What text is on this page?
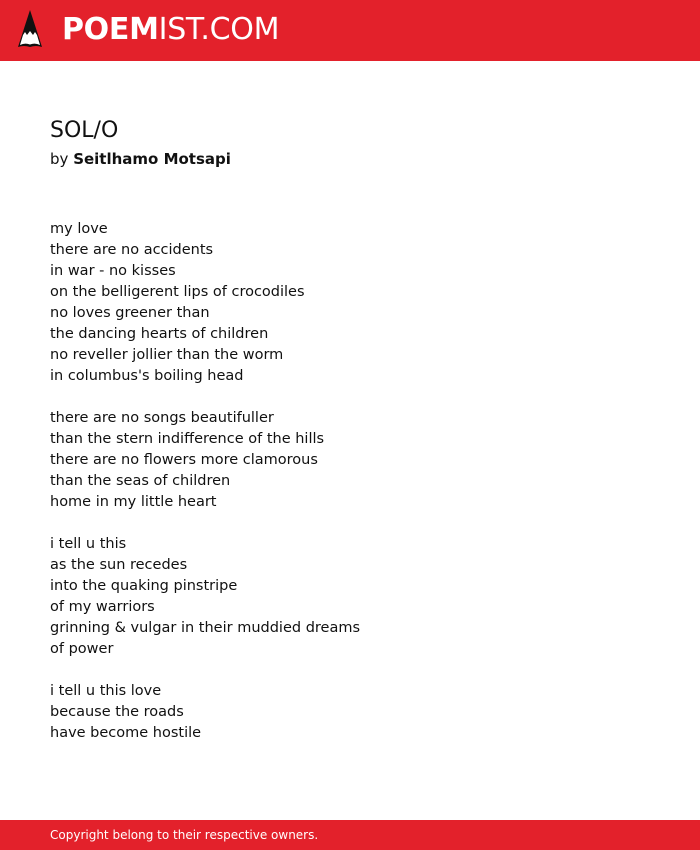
POEMIST.COM
SOL/O
by Seitlhamo Motsapi
my love
there are no accidents
in war - no kisses
on the belligerent lips of crocodiles
no loves greener than
the dancing hearts of children
no reveller jollier than the worm
in columbus's boiling head
there are no songs beautifuller
than the stern indifference of the hills
there are no flowers more clamorous
than the seas of children
home in my little heart
i tell u this
as the sun recedes
into the quaking pinstripe
of my warriors
grinning & vulgar in their muddied dreams
of power
i tell u this love
because the roads
have become hostile
Copyright belong to their respective owners.
